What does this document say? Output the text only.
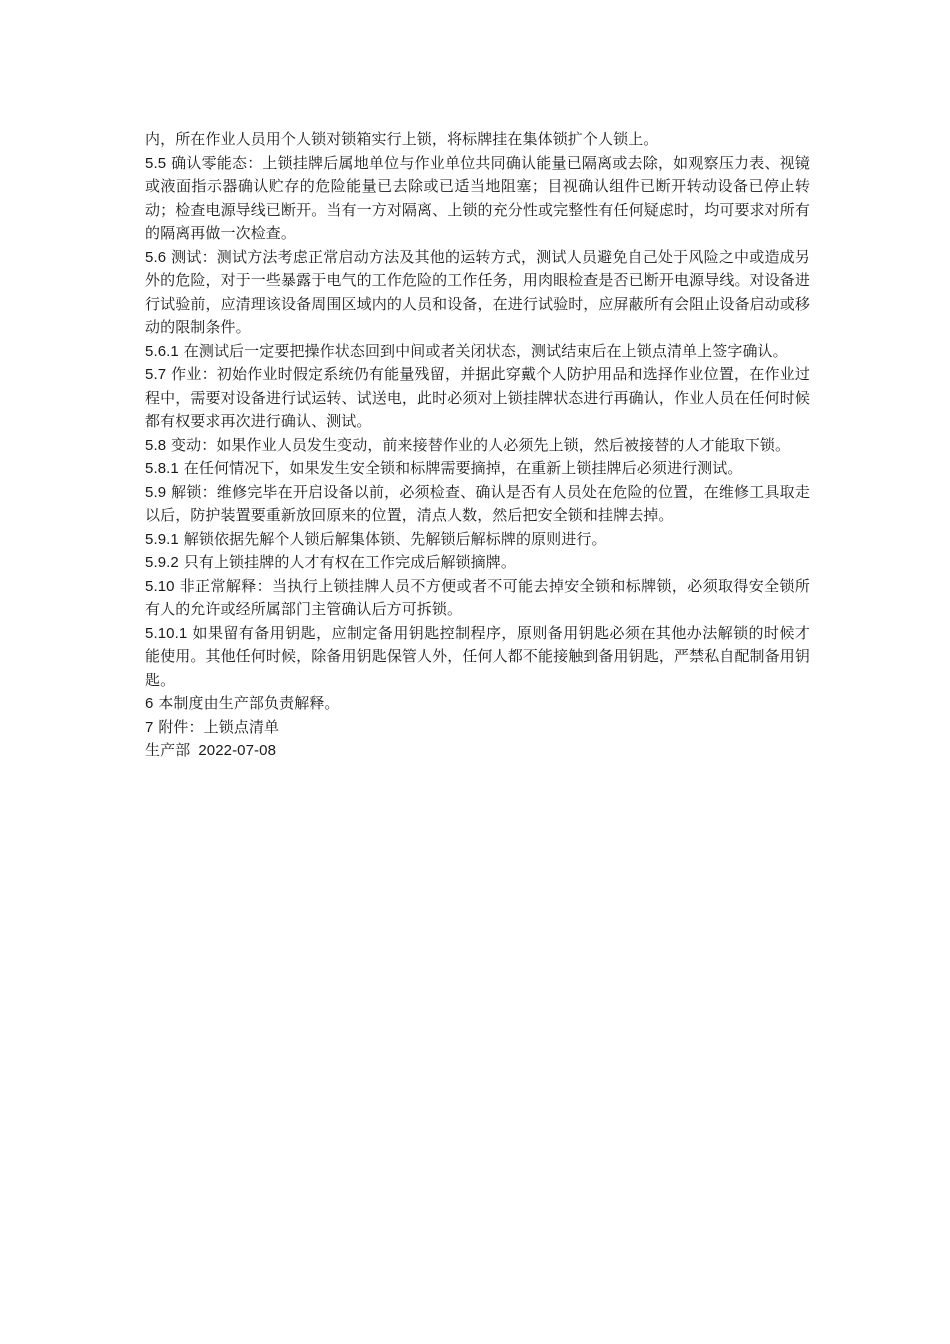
内，所在作业人员用个人锁对锁箱实行上锁，将标牌挂在集体锁扩个人锁上。

5.5 确认零能态：上锁挂牌后属地单位与作业单位共同确认能量已隔离或去除，如观察压力表、视镜或液面指示器确认贮存的危险能量已去除或已适当地阻塞；目视确认组件已断开转动设备已停止转动；检查电源导线已断开。当有一方对隔离、上锁的充分性或完整性有任何疑虑时，均可要求对所有的隔离再做一次检查。

5.6 测试：测试方法考虑正常启动方法及其他的运转方式，测试人员避免自己处于风险之中或造成另外的危险，对于一些暴露于电气的工作危险的工作任务，用肉眼检查是否已断开电源导线。对设备进行试验前，应清理该设备周围区域内的人员和设备，在进行试验时，应屏蔽所有会阻止设备启动或移动的限制条件。

5.6.1 在测试后一定要把操作状态回到中间或者关闭状态，测试结束后在上锁点清单上签字确认。

5.7 作业：初始作业时假定系统仍有能量残留，并据此穿戴个人防护用品和选择作业位置，在作业过程中，需要对设备进行试运转、试送电，此时必须对上锁挂牌状态进行再确认，作业人员在任何时候都有权要求再次进行确认、测试。

5.8 变动：如果作业人员发生变动，前来接替作业的人必须先上锁，然后被接替的人才能取下锁。

5.8.1 在任何情况下，如果发生安全锁和标牌需要摘掉，在重新上锁挂牌后必须进行测试。

5.9 解锁：维修完毕在开启设备以前，必须检查、确认是否有人员处在危险的位置，在维修工具取走以后，防护装置要重新放回原来的位置，清点人数，然后把安全锁和挂牌去掉。

5.9.1 解锁依据先解个人锁后解集体锁、先解锁后解标牌的原则进行。

5.9.2 只有上锁挂牌的人才有权在工作完成后解锁摘牌。

5.10 非正常解释：当执行上锁挂牌人员不方便或者不可能去掉安全锁和标牌锁，必须取得安全锁所有人的允许或经所属部门主管确认后方可拆锁。

5.10.1 如果留有备用钥匙，应制定备用钥匙控制程序，原则备用钥匙必须在其他办法解锁的时候才能使用。其他任何时候，除备用钥匙保管人外，任何人都不能接触到备用钥匙，严禁私自配制备用钥匙。

6 本制度由生产部负责解释。

7 附件：上锁点清单

生产部 2022-07-08
